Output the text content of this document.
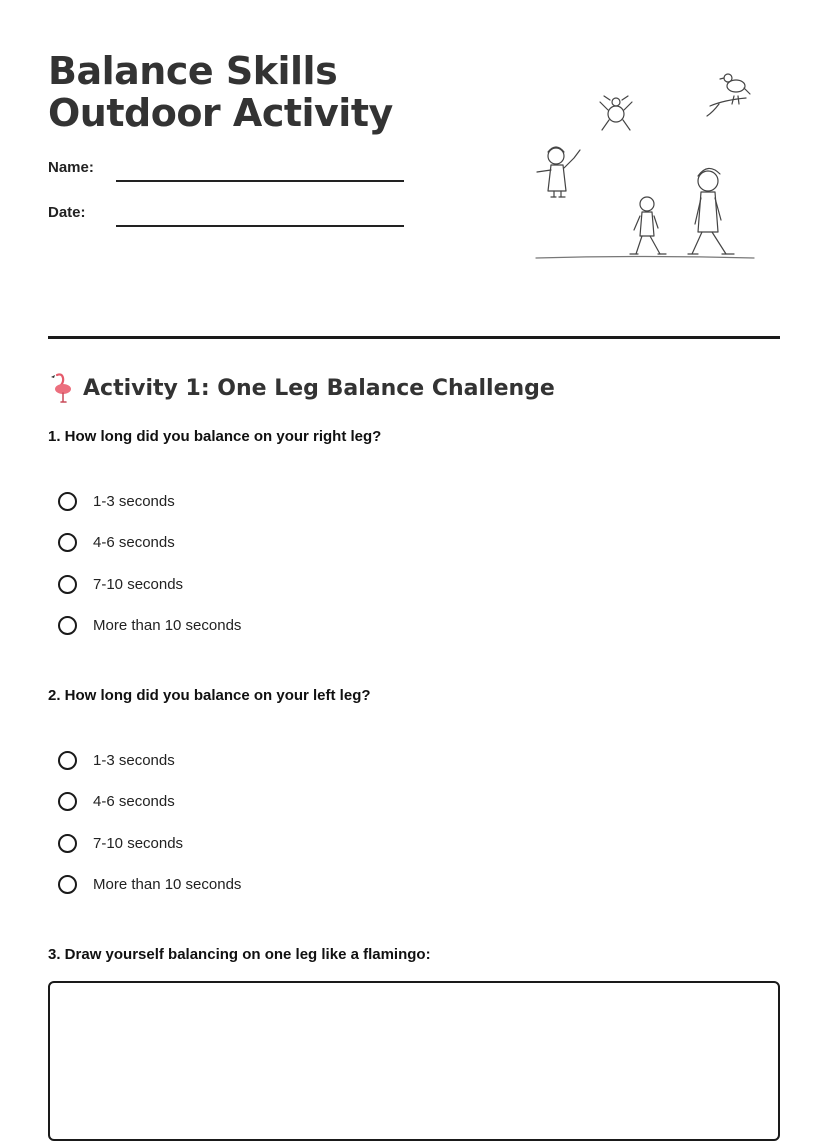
Balance Skills Outdoor Activity
Name:
Date:
Activity 1: One Leg Balance Challenge

1. How long did you balance on your right leg?

1-3 seconds
4-6 seconds
7-10 seconds
More than 10 seconds

2. How long did you balance on your left leg?

1-3 seconds
4-6 seconds
7-10 seconds
More than 10 seconds

3. Draw yourself balancing on one leg like a flamingo:
